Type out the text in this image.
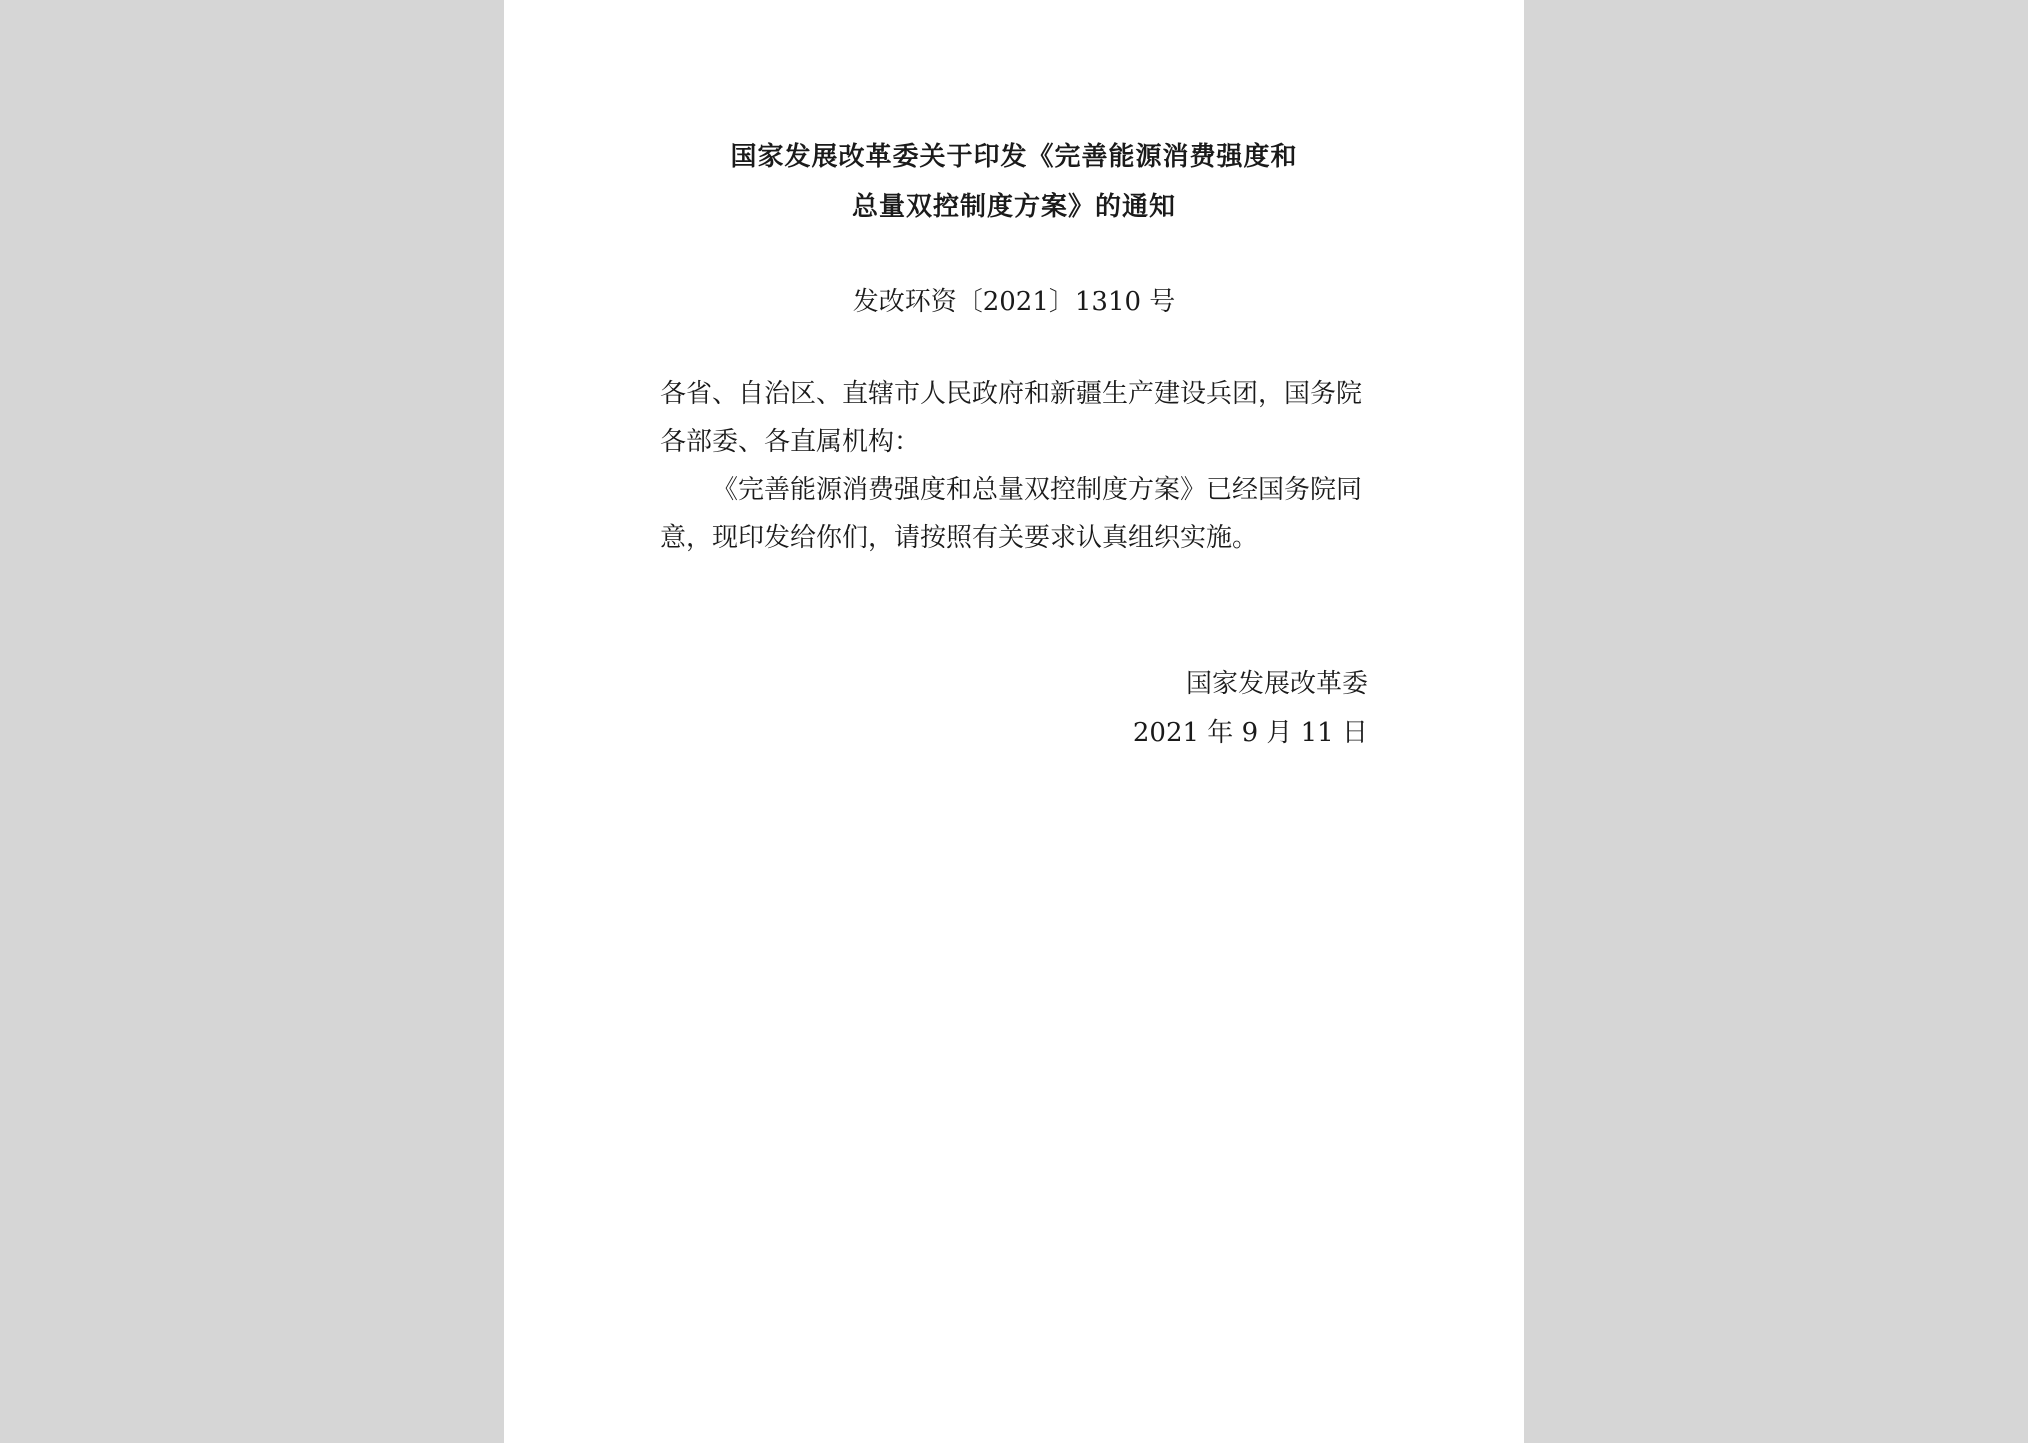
国家发展改革委关于印发《完善能源消费强度和
总量双控制度方案》的通知
发改环资〔2021〕1310 号
各省、自治区、直辖市人民政府和新疆生产建设兵团，国务院各部委、各直属机构：
《完善能源消费强度和总量双控制度方案》已经国务院同意，现印发给你们，请按照有关要求认真组织实施。
国家发展改革委
2021 年 9 月 11 日
